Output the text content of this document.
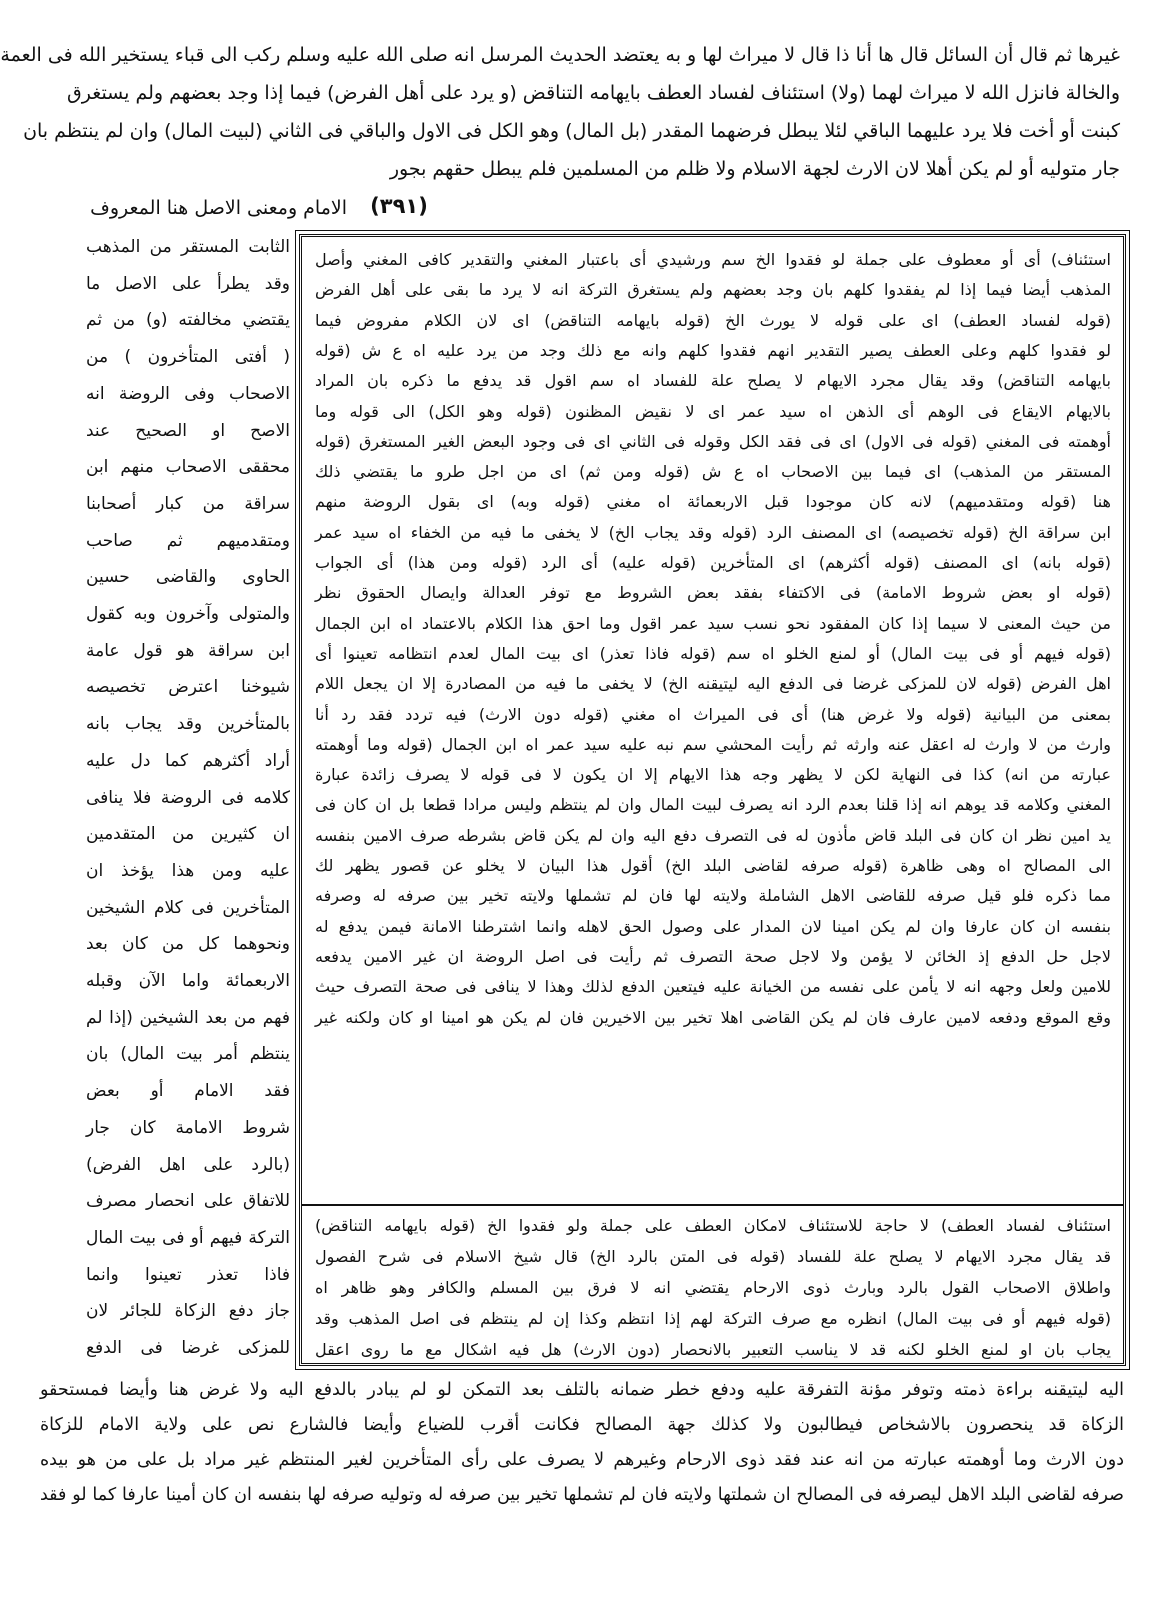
غيرها ثم قال أن السائل قال ها أنا ذا قال لا ميراث لها و به يعتضد الحديث المرسل انه صلى الله عليه وسلم ركب الى قباء يستخير الله فى العمة
والخالة فانزل الله لا ميراث لهما (ولا) استئناف لفساد العطف بايهامه التناقض (و يرد على أهل الفرض) فيما إذا وجد بعضهم ولم يستغرق
كبنت أو أخت فلا يرد عليهما الباقي لئلا يبطل فرضهما المقدر (بل المال) وهو الكل فى الاول والباقي فى الثاني (لبيت المال) وان لم ينتظم بان
جار متوليه أو لم يكن أهلا لان الارث لجهة الاسلام ولا ظلم من المسلمين فلم يبطل حقهم بجور
(٣٩١)
الامام ومعنى الاصل هنا المعروف
الثابت المستقر من المذهب
وقد يطرأ على الاصل ما
يقتضي مخالفته (و) من ثم
( أفتى المتأخرون ) من
الاصحاب وفى الروضة انه
الاصح او الصحيح عند
محققى الاصحاب منهم ابن
سراقة من كبار أصحابنا
ومتقدميهم ثم صاحب
الحاوى والقاضى حسين
والمتولى وآخرون وبه كقول
ابن سراقة هو قول عامة
شيوخنا اعترض تخصيصه
بالمتأخرين وقد يجاب بانه
أراد أكثرهم كما دل عليه
كلامه فى الروضة فلا ينافى
ان كثيرين من المتقدمين
عليه ومن هذا يؤخذ ان
المتأخرين فى كلام الشيخين
ونحوهما كل من كان بعد
الاربعمائة واما الآن وقبله
فهم من بعد الشيخين (إذا لم
ينتظم أمر بيت المال) بان
فقد الامام أو بعض
شروط الامامة كان جار
(بالرد على اهل الفرض)
للاتفاق على انحصار مصرف
التركة فيهم أو فى بيت المال
فاذا تعذر تعينوا وانما
جاز دفع الزكاة للجائر لان
للمزكى غرضا فى الدفع
استئناف) أى أو معطوف على جملة لو فقدوا الخ سم ورشيدي أى باعتبار المغني والتقدير كافى المغني وأصل
المذهب أيضا فيما إذا لم يفقدوا كلهم بان وجد بعضهم ولم يستغرق التركة انه لا يرد ما بقى على أهل الفرض
(قوله لفساد العطف) اى على قوله لا يورث الخ (قوله بايهامه التناقض) اى لان الكلام مفروض فيما
لو فقدوا كلهم وعلى العطف يصير التقدير انهم فقدوا كلهم وانه مع ذلك وجد من يرد عليه اه ع ش (قوله
بايهامه التناقض) وقد يقال مجرد الايهام لا يصلح علة للفساد اه سم اقول قد يدفع ما ذكره بان المراد
بالايهام الايقاع فى الوهم أى الذهن اه سيد عمر اى لا نقيض المظنون (قوله وهو الكل) الى قوله وما
أوهمته فى المغني (قوله فى الاول) اى فى فقد الكل وقوله فى الثاني اى فى وجود البعض الغير المستغرق (قوله
المستقر من المذهب) اى فيما بين الاصحاب اه ع ش (قوله ومن ثم) اى من اجل طرو ما يقتضي ذلك
هنا (قوله ومتقدميهم) لانه كان موجودا قبل الاربعمائة اه مغني (قوله وبه) اى بقول الروضة منهم
ابن سراقة الخ (قوله تخصيصه) اى المصنف الرد (قوله وقد يجاب الخ) لا يخفى ما فيه من الخفاء اه سيد عمر
(قوله بانه) اى المصنف (قوله أكثرهم) اى المتأخرين (قوله عليه) أى الرد (قوله ومن هذا) أى الجواب
(قوله او بعض شروط الامامة) فى الاكتفاء بفقد بعض الشروط مع توفر العدالة وايصال الحقوق نظر
من حيث المعنى لا سيما إذا كان المفقود نحو نسب سيد عمر اقول وما احق هذا الكلام بالاعتماد اه ابن الجمال
(قوله فيهم أو فى بيت المال) أو لمنع الخلو اه سم (قوله فاذا تعذر) اى بيت المال لعدم انتظامه تعينوا أى
اهل الفرض (قوله لان للمزكى غرضا فى الدفع اليه ليتيقنه الخ) لا يخفى ما فيه من المصادرة إلا ان يجعل اللام
بمعنى من البيانية (قوله ولا غرض هنا) أى فى الميراث اه مغني (قوله دون الارث) فيه تردد فقد رد أنا
وارث من لا وارث له اعقل عنه وارثه ثم رأيت المحشي سم نبه عليه سيد عمر اه ابن الجمال (قوله وما أوهمته
عبارته من انه) كذا فى النهاية لكن لا يظهر وجه هذا الايهام إلا ان يكون لا فى قوله لا يصرف زائدة عبارة
المغني وكلامه قد يوهم انه إذا قلنا بعدم الرد انه يصرف لبيت المال وان لم ينتظم وليس مرادا قطعا بل ان كان فى
يد امين نظر ان كان فى البلد قاض مأذون له فى التصرف دفع اليه وان لم يكن قاض بشرطه صرف الامين بنفسه
الى المصالح اه وهى ظاهرة (قوله صرفه لقاضى البلد الخ) أقول هذا البيان لا يخلو عن قصور يظهر لك
مما ذكره فلو قيل صرفه للقاضى الاهل الشاملة ولايته لها فان لم تشملها ولايته تخير بين صرفه له وصرفه
بنفسه ان كان عارفا وان لم يكن امينا لان المدار على وصول الحق لاهله وانما اشترطنا الامانة فيمن يدفع له
لاجل حل الدفع إذ الخائن لا يؤمن ولا لاجل صحة التصرف ثم رأيت فى اصل الروضة ان غير الامين يدفعه
للامين ولعل وجهه انه لا يأمن على نفسه من الخيانة عليه فيتعين الدفع لذلك وهذا لا ينافى فى صحة التصرف حيث
وقع الموقع ودفعه لامين عارف فان لم يكن القاضى اهلا تخير بين الاخيرين فان لم يكن هو امينا او كان ولكنه غير
استئناف لفساد العطف) لا حاجة للاستئناف لامكان العطف على جملة ولو فقدوا الخ (قوله بايهامه التناقض)
قد يقال مجرد الايهام لا يصلح علة للفساد (قوله فى المتن بالرد الخ) قال شيخ الاسلام فى شرح الفصول
واطلاق الاصحاب القول بالرد وبارث ذوى الارحام يقتضي انه لا فرق بين المسلم والكافر وهو ظاهر اه
(قوله فيهم أو فى بيت المال) انظره مع صرف التركة لهم إذا انتظم وكذا إن لم ينتظم فى اصل المذهب وقد
يجاب بان او لمنع الخلو لكنه قد لا يناسب التعبير بالانحصار (دون الارث) هل فيه اشكال مع ما روى اعقل
اليه ليتيقنه براءة ذمته وتوفر مؤنة التفرقة عليه ودفع خطر ضمانه بالتلف بعد التمكن لو لم يبادر بالدفع اليه ولا غرض هنا وأيضا فمستحقو
الزكاة قد ينحصرون بالاشخاص فيطالبون ولا كذلك جهة المصالح فكانت أقرب للضياع وأيضا فالشارع نص على ولاية الامام للزكاة
دون الارث وما أوهمته عبارته من انه عند فقد ذوى الارحام وغيرهم لا يصرف على رأى المتأخرين لغير المنتظم غير مراد بل على من هو بيده
صرفه لقاضى البلد الاهل ليصرفه فى المصالح ان شملتها ولايته فان لم تشملها تخير بين صرفه له وتوليه صرفه لها بنفسه ان كان أمينا عارفا كما لو فقد
